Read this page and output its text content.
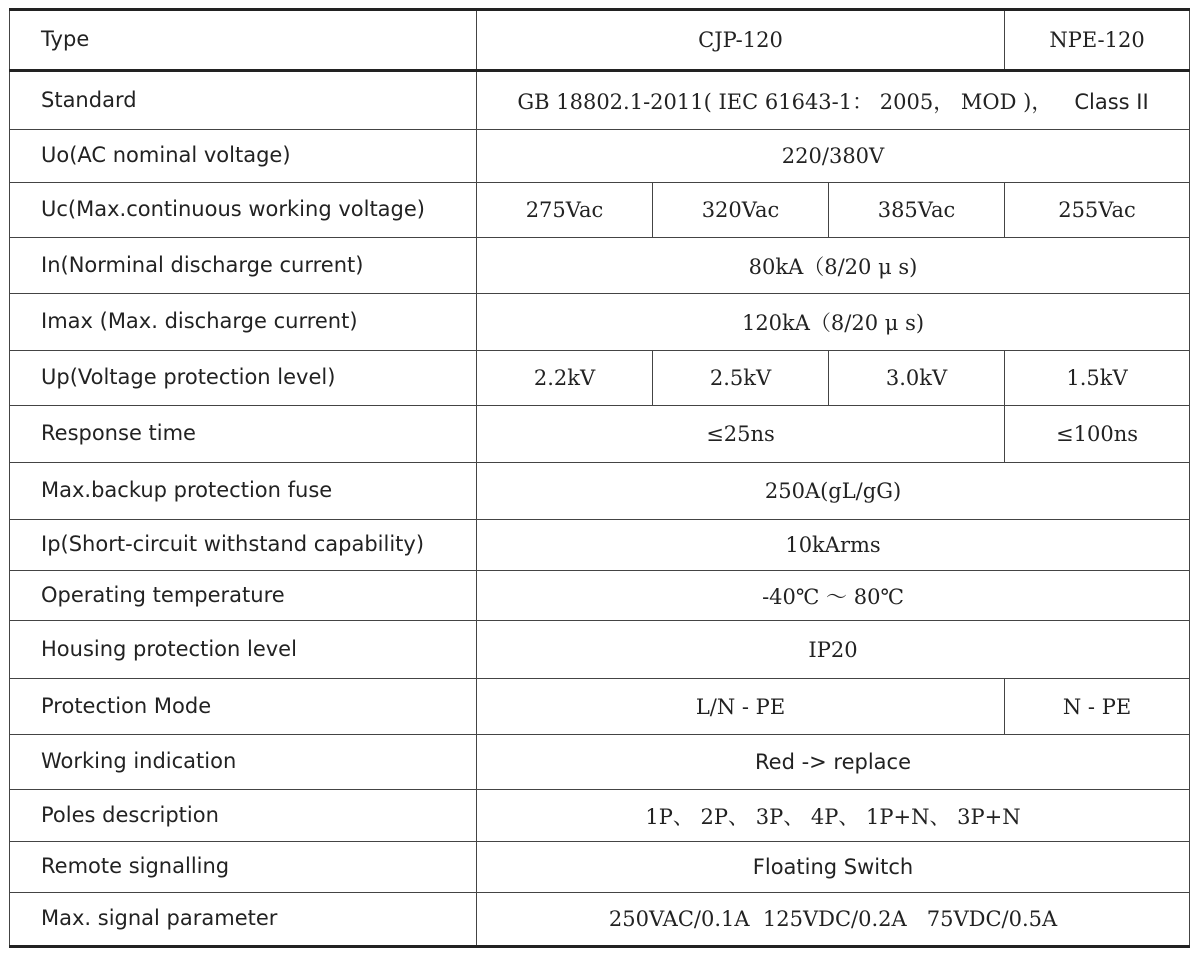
Type	CJP-120			NPE-120
Standard	GB 18802.1-2011( IEC 61643-1： 2005， MOD )， Class II			
Uo(AC nominal voltage)	220/380V			
Uc(Max.continuous working voltage)	275Vac	320Vac	385Vac	255Vac
In(Norminal discharge current)	80kA（8/20 μ s)			
Imax (Max. discharge current)	120kA（8/20 μ s)			
Up(Voltage protection level)	2.2kV	2.5kV	3.0kV	1.5kV
Response time	≤25ns			≤100ns
Max.backup protection fuse	250A(gL/gG)			
Ip(Short-circuit withstand capability)	10kArms			
Operating temperature	-40℃ ～ 80℃			
Housing protection level	IP20			
Protection Mode	L/N - PE			N - PE
Working indication	Red -> replace			
Poles description	1P、 2P、 3P、 4P、 1P+N、 3P+N			
Remote signalling	Floating Switch			
Max. signal parameter	250VAC/0.1A  125VDC/0.2A   75VDC/0.5A			
